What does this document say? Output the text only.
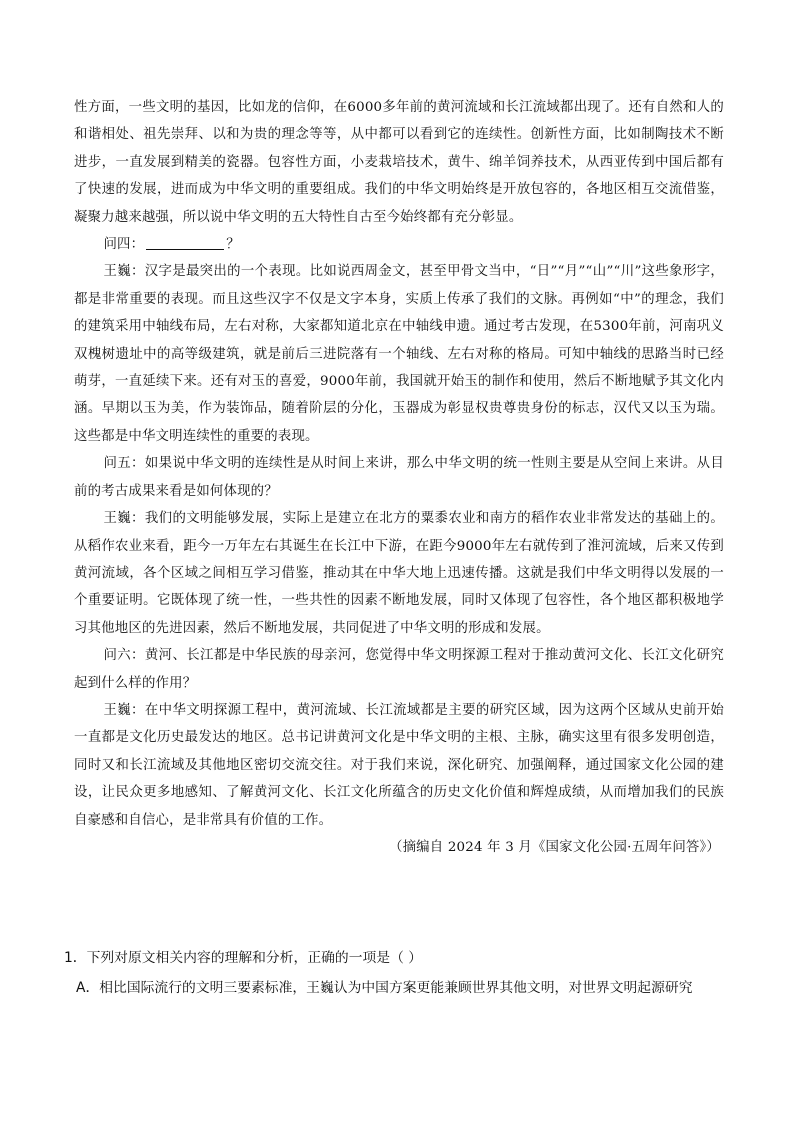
性方面，一些文明的基因，比如龙的信仰，在6000多年前的黄河流域和长江流域都出现了。还有自然和人的和谐相处、祖先崇拜、以和为贵的理念等等，从中都可以看到它的连续性。创新性方面，比如制陶技术不断进步，一直发展到精美的瓷器。包容性方面，小麦栽培技术，黄牛、绵羊饲养技术，从西亚传到中国后都有了快速的发展，进而成为中华文明的重要组成。我们的中华文明始终是开放包容的，各地区相互交流借鉴，凝聚力越来越强，所以说中华文明的五大特性自古至今始终都有充分彰显。

问四：	？

王巍：汉字是最突出的一个表现。比如说西周金文，甚至甲骨文当中，“日”“月”“山”“川”这些象形字，都是非常重要的表现。而且这些汉字不仅是文字本身，实质上传承了我们的文脉。再例如“中”的理念，我们的建筑采用中轴线布局，左右对称，大家都知道北京在中轴线申遗。通过考古发现，在5300年前，河南巩义双槐树遗址中的高等级建筑，就是前后三进院落有一个轴线、左右对称的格局。可知中轴线的思路当时已经萌芽，一直延续下来。还有对玉的喜爱，9000年前，我国就开始玉的制作和使用，然后不断地赋予其文化内涵。早期以玉为美，作为装饰品，随着阶层的分化，玉器成为彰显权贵尊贵身份的标志，汉代又以玉为瑞。这些都是中华文明连续性的重要的表现。

问五：如果说中华文明的连续性是从时间上来讲，那么中华文明的统一性则主要是从空间上来讲。从目前的考古成果来看是如何体现的？

王巍：我们的文明能够发展，实际上是建立在北方的粟黍农业和南方的稻作农业非常发达的基础上的。从稻作农业来看，距今一万年左右其诞生在长江中下游，在距今9000年左右就传到了淮河流域，后来又传到黄河流域，各个区域之间相互学习借鉴，推动其在中华大地上迅速传播。这就是我们中华文明得以发展的一个重要证明。它既体现了统一性，一些共性的因素不断地发展，同时又体现了包容性，各个地区都积极地学习其他地区的先进因素，然后不断地发展，共同促进了中华文明的形成和发展。

问六：黄河、长江都是中华民族的母亲河，您觉得中华文明探源工程对于推动黄河文化、长江文化研究起到什么样的作用？

王巍：在中华文明探源工程中，黄河流域、长江流域都是主要的研究区域，因为这两个区域从史前开始一直都是文化历史最发达的地区。总书记讲黄河文化是中华文明的主根、主脉，确实这里有很多发明创造，同时又和长江流域及其他地区密切交流交往。对于我们来说，深化研究、加强阐释，通过国家文化公园的建设，让民众更多地感知、了解黄河文化、长江文化所蕴含的历史文化价值和辉煌成绩，从而增加我们的民族自豪感和自信心，是非常具有价值的工作。

（摘编自 2024 年 3 月《国家文化公园·五周年问答》）

1．下列对原文相关内容的理解和分析，正确的一项是（ ）
A．相比国际流行的文明三要素标准，王巍认为中国方案更能兼顾世界其他文明，对世界文明起源研究
